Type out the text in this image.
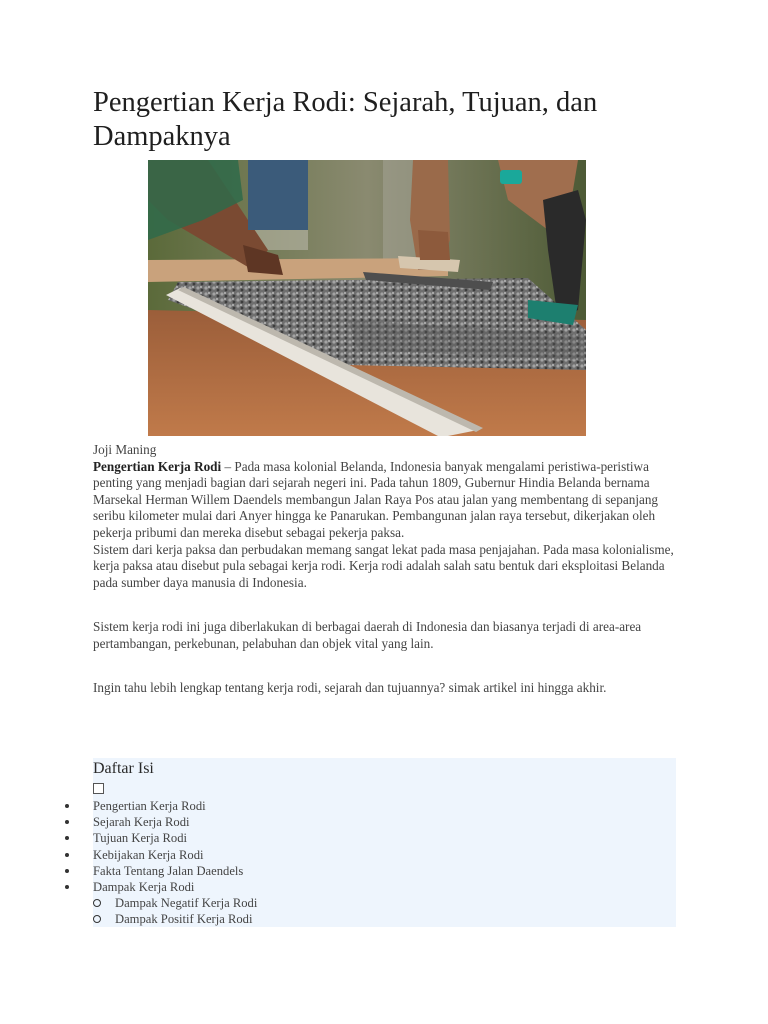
Pengertian Kerja Rodi: Sejarah, Tujuan, dan Dampaknya

Joji Maning

Pengertian Kerja Rodi – Pada masa kolonial Belanda, Indonesia banyak mengalami peristiwa-peristiwa penting yang menjadi bagian dari sejarah negeri ini. Pada tahun 1809, Gubernur Hindia Belanda bernama Marsekal Herman Willem Daendels membangun Jalan Raya Pos atau jalan yang membentang di sepanjang seribu kilometer mulai dari Anyer hingga ke Panarukan. Pembangunan jalan raya tersebut, dikerjakan oleh pekerja pribumi dan mereka disebut sebagai pekerja paksa.

Sistem dari kerja paksa dan perbudakan memang sangat lekat pada masa penjajahan. Pada masa kolonialisme, kerja paksa atau disebut pula sebagai kerja rodi. Kerja rodi adalah salah satu bentuk dari eksploitasi Belanda pada sumber daya manusia di Indonesia.

Sistem kerja rodi ini juga diberlakukan di berbagai daerah di Indonesia dan biasanya terjadi di area-area pertambangan, perkebunan, pelabuhan dan objek vital yang lain.

Ingin tahu lebih lengkap tentang kerja rodi, sejarah dan tujuannya? simak artikel ini hingga akhir.

Daftar Isi
Pengertian Kerja Rodi
Sejarah Kerja Rodi
Tujuan Kerja Rodi
Kebijakan Kerja Rodi
Fakta Tentang Jalan Daendels
Dampak Kerja Rodi
Dampak Negatif Kerja Rodi
Dampak Positif Kerja Rodi
